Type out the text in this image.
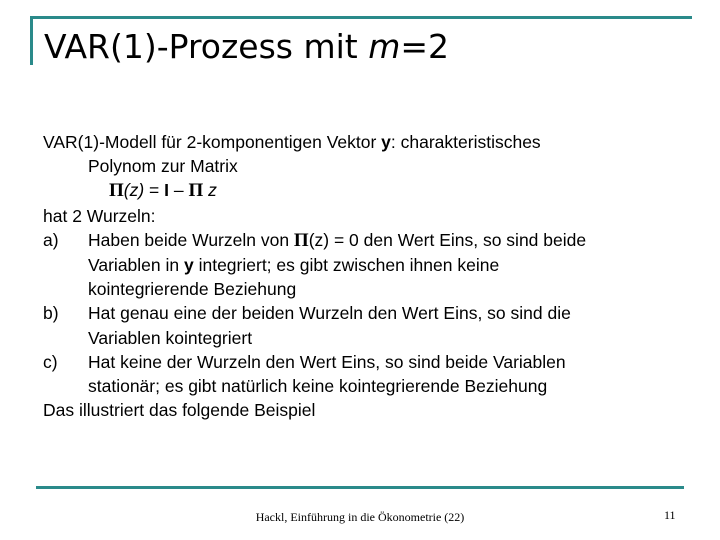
VAR(1)-Prozess mit m=2
VAR(1)-Modell für 2-komponentigen Vektor y: charakteristisches
Polynom zur Matrix
Π(z) = I – Π z
hat 2 Wurzeln:
a) Haben beide Wurzeln von Π(z) = 0 den Wert Eins, so sind beide
Variablen in y integriert; es gibt zwischen ihnen keine
kointegrierende Beziehung
b) Hat genau eine der beiden Wurzeln den Wert Eins, so sind die
Variablen kointegriert
c) Hat keine der Wurzeln den Wert Eins, so sind beide Variablen
stationär; es gibt natürlich keine kointegrierende Beziehung
Das illustriert das folgende Beispiel
Hackl, Einführung in die Ökonometrie (22)	11
